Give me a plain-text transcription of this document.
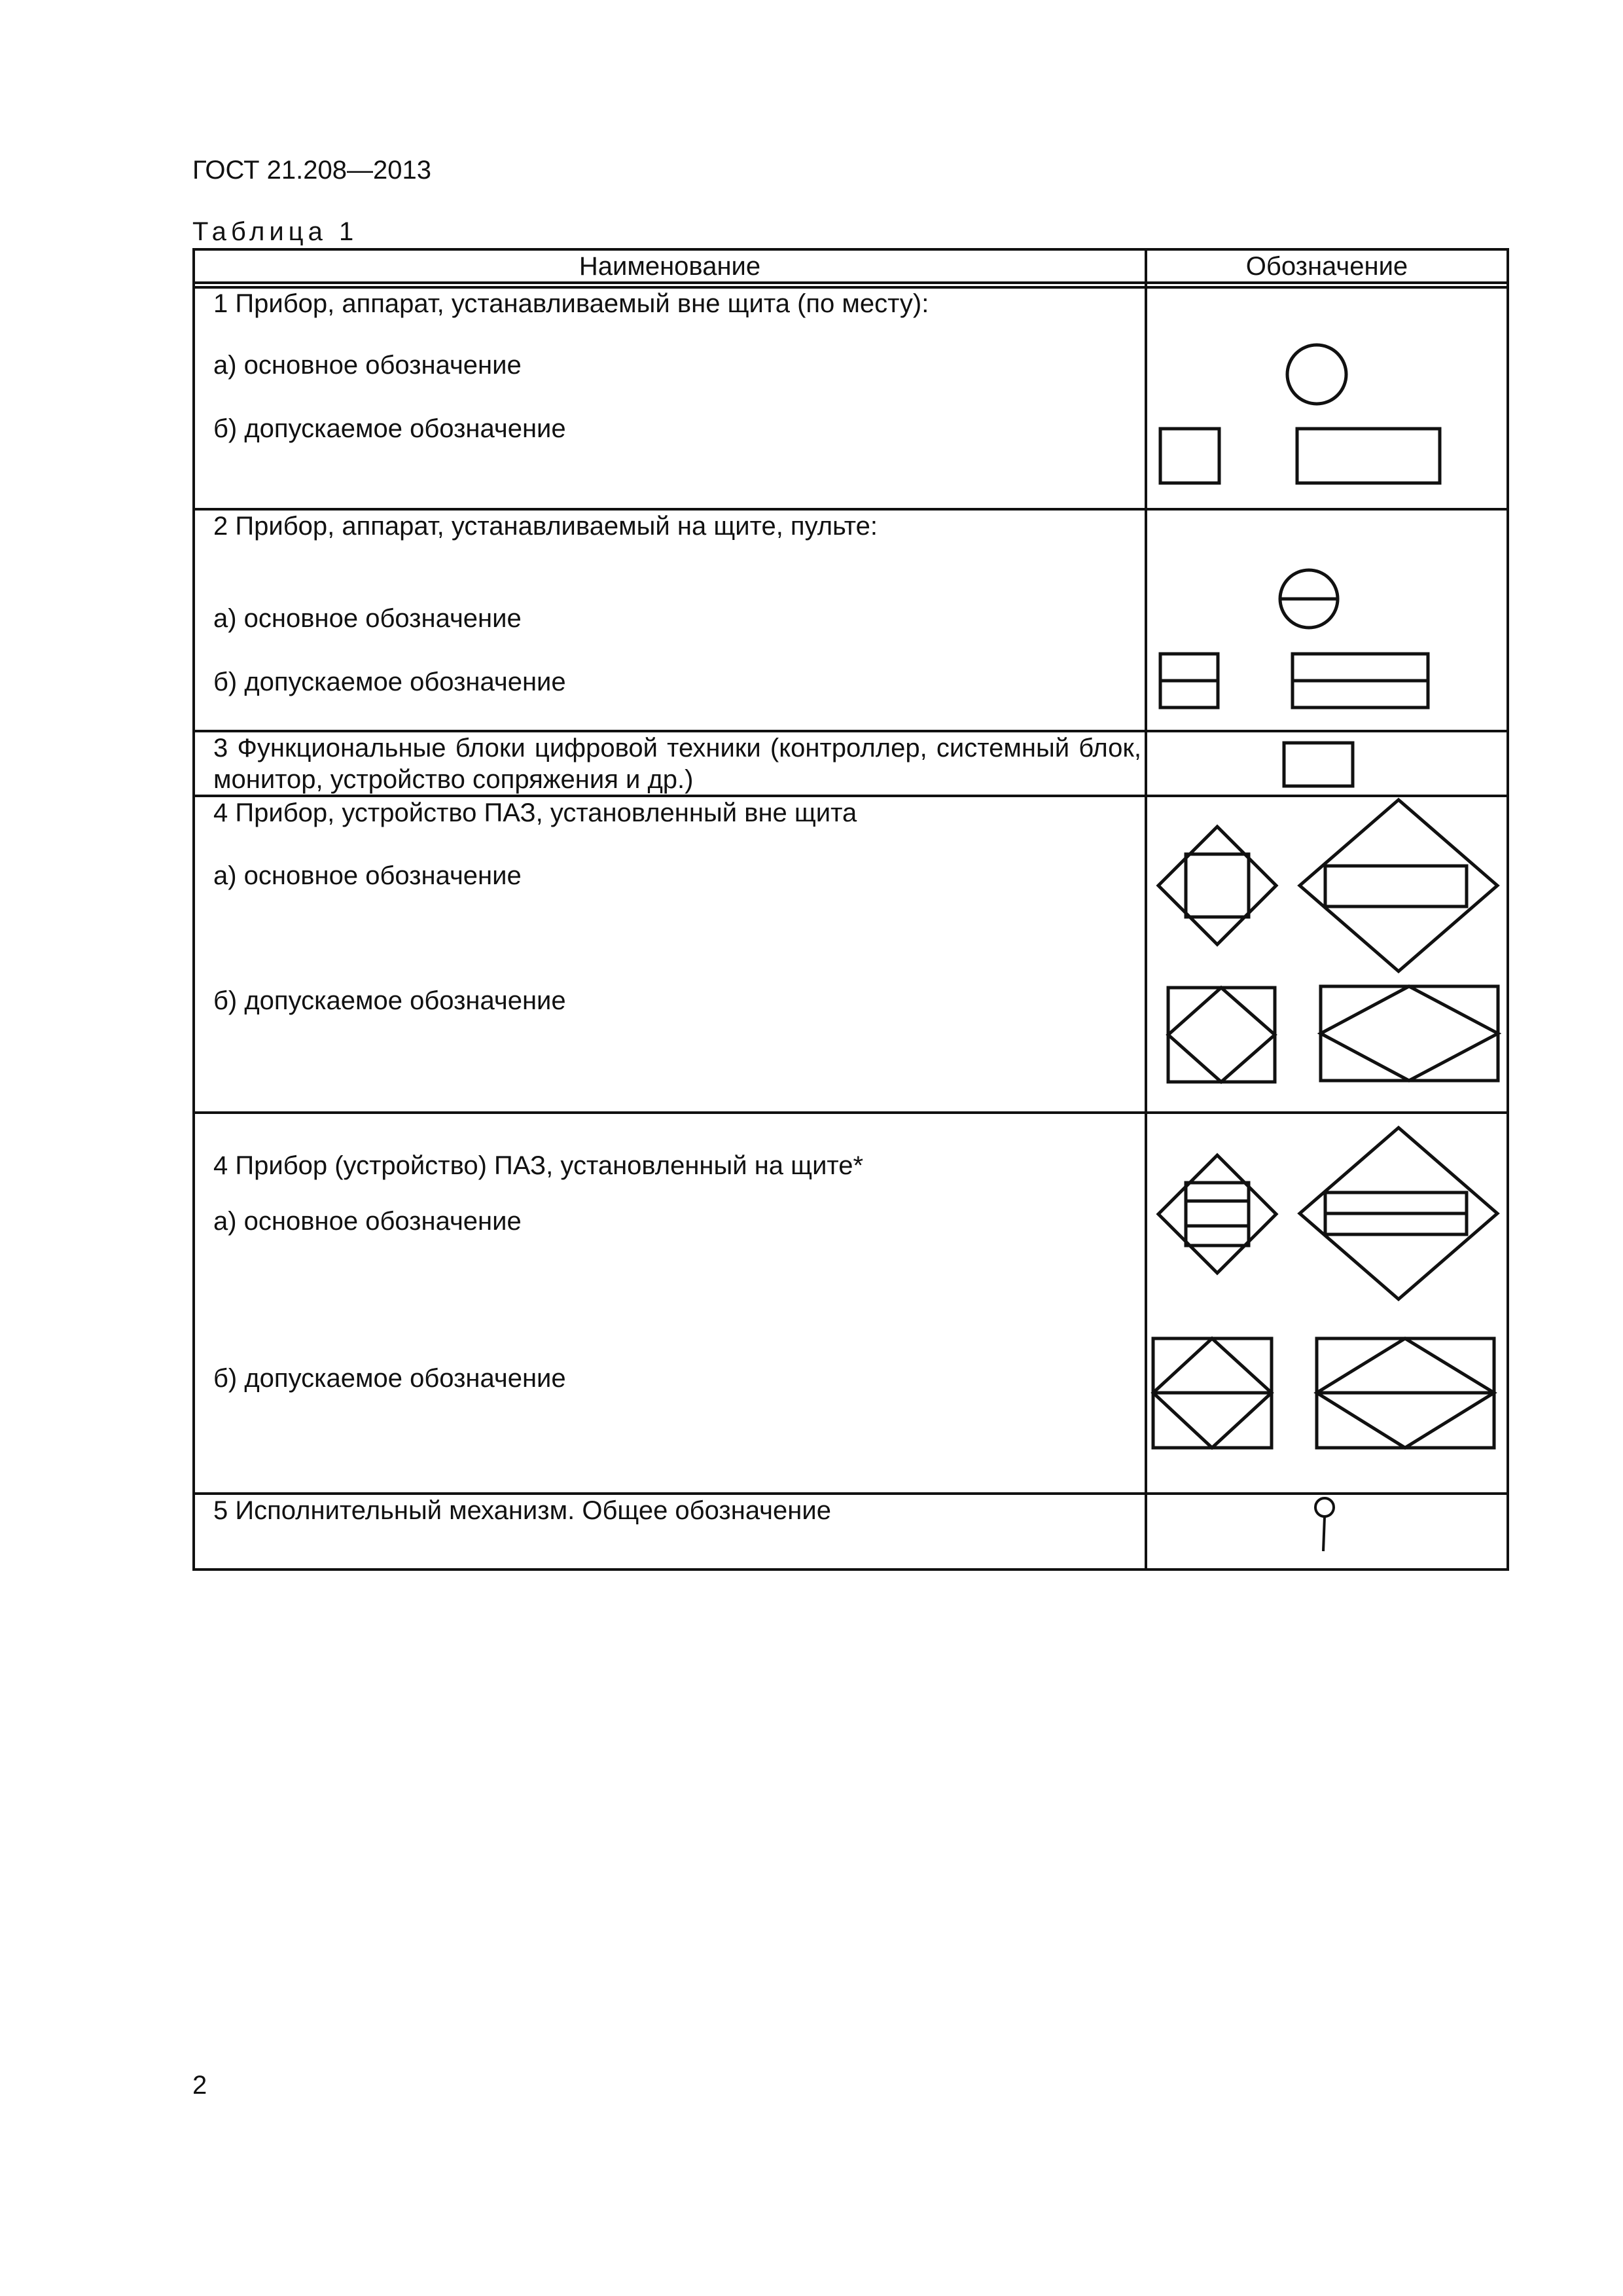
ГОСТ 21.208—2013
Таблица 1
Наименование	Обозначение
1 Прибор, аппарат, устанавливаемый вне щита (по месту):
а) основное обозначение
б) допускаемое обозначение
2 Прибор, аппарат, устанавливаемый на щите, пульте:
а) основное обозначение
б) допускаемое обозначение
3 Функциональные блоки цифровой техники (контроллер, системный блок, монитор, устройство сопряжения и др.)
4 Прибор, устройство ПАЗ, установленный вне щита
а) основное обозначение
б) допускаемое обозначение
4 Прибор (устройство) ПАЗ, установленный на щите*
а) основное обозначение
б) допускаемое обозначение
5 Исполнительный механизм. Общее обозначение
2
